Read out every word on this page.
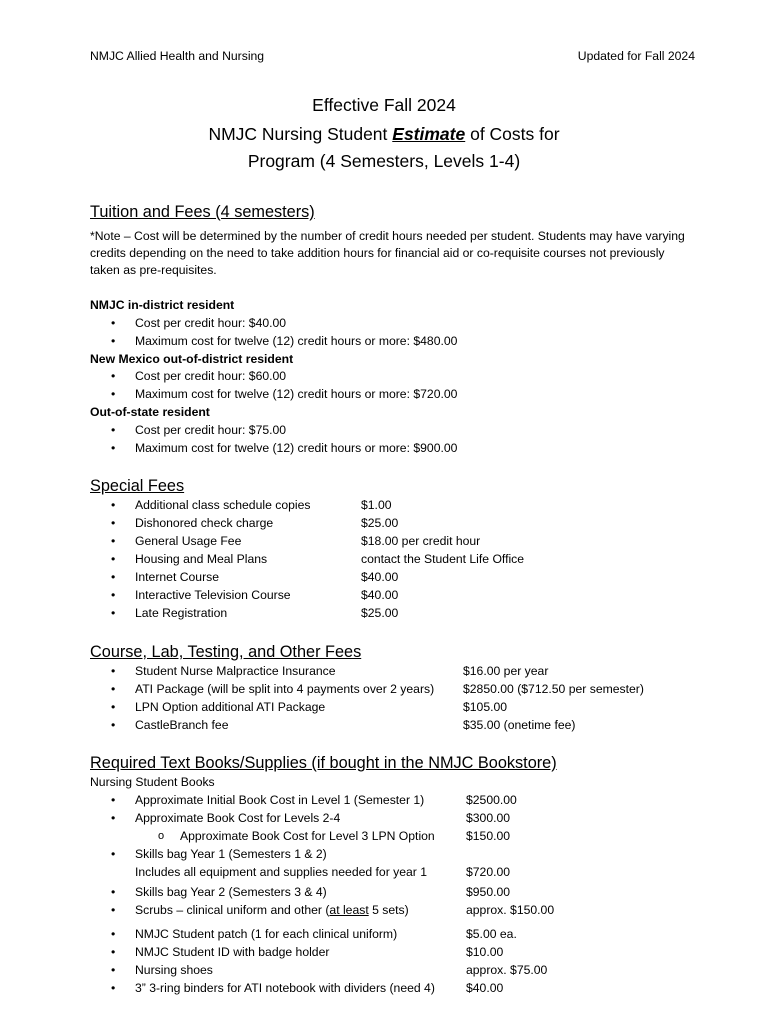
NMJC Allied Health and Nursing	Updated for Fall 2024
Effective Fall 2024
NMJC Nursing Student Estimate of Costs for
Program (4 Semesters, Levels 1-4)
Tuition and Fees (4 semesters)
*Note – Cost will be determined by the number of credit hours needed per student. Students may have varying credits depending on the need to take addition hours for financial aid or co-requisite courses not previously taken as pre-requisites.
NMJC in-district resident
• Cost per credit hour: $40.00
• Maximum cost for twelve (12) credit hours or more: $480.00
New Mexico out-of-district resident
• Cost per credit hour: $60.00
• Maximum cost for twelve (12) credit hours or more: $720.00
Out-of-state resident
• Cost per credit hour: $75.00
• Maximum cost for twelve (12) credit hours or more: $900.00
Special Fees
• Additional class schedule copies	$1.00
• Dishonored check charge	$25.00
• General Usage Fee	$18.00 per credit hour
• Housing and Meal Plans	contact the Student Life Office
• Internet Course	$40.00
• Interactive Television Course	$40.00
• Late Registration	$25.00
Course, Lab, Testing, and Other Fees
• Student Nurse Malpractice Insurance	$16.00 per year
• ATI Package (will be split into 4 payments over 2 years) $2850.00 ($712.50 per semester)
• LPN Option additional ATI Package	$105.00
• CastleBranch fee	$35.00 (onetime fee)
Required Text Books/Supplies (if bought in the NMJC Bookstore)
Nursing Student Books
• Approximate Initial Book Cost in Level 1 (Semester 1)	$2500.00
• Approximate Book Cost for Levels 2-4	$300.00
o Approximate Book Cost for Level 3 LPN Option	$150.00
• Skills bag Year 1 (Semesters 1 & 2)
Includes all equipment and supplies needed for year 1	$720.00
• Skills bag Year 2 (Semesters 3 & 4)	$950.00
• Scrubs – clinical uniform and other (at least 5 sets)	approx. $150.00
• NMJC Student patch (1 for each clinical uniform)	$5.00 ea.
• NMJC Student ID with badge holder	$10.00
• Nursing shoes	approx. $75.00
• 3” 3-ring binders for ATI notebook with dividers (need 4)	$40.00
